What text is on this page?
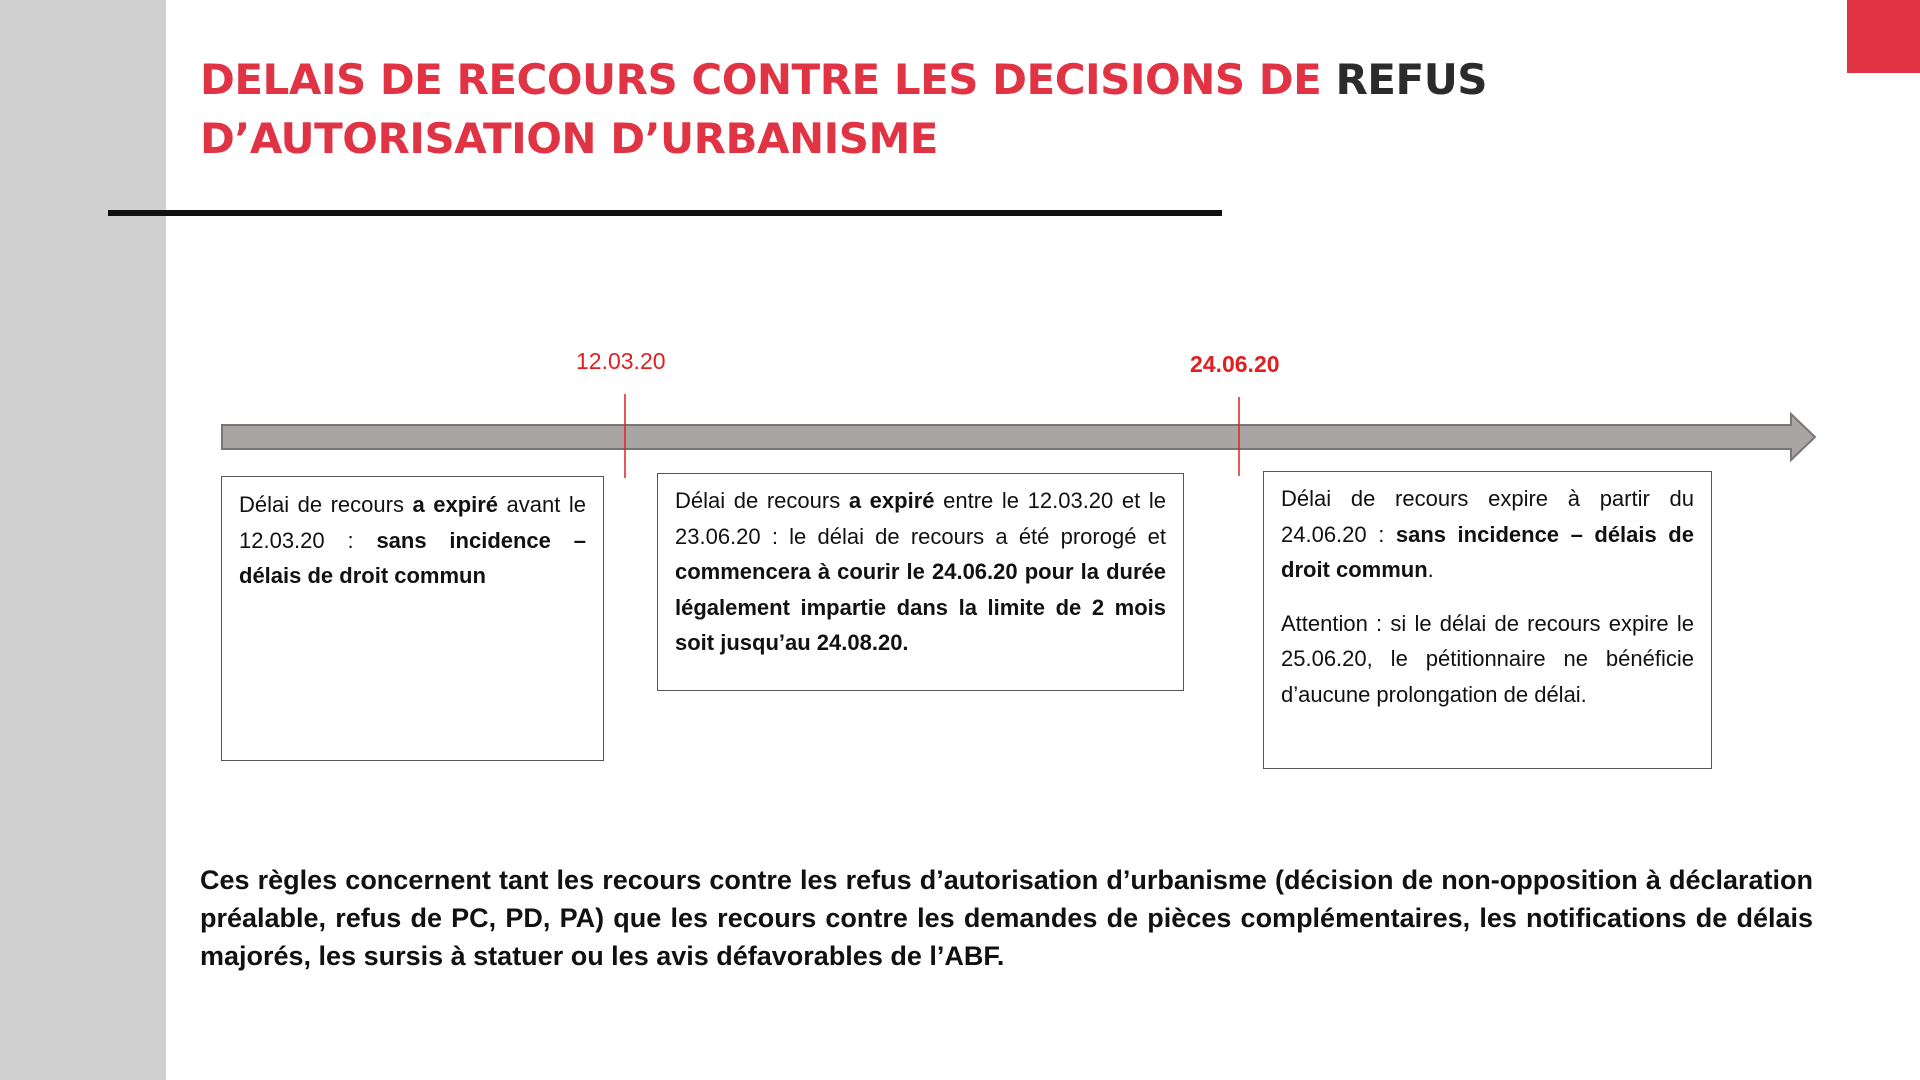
DELAIS DE RECOURS CONTRE LES DECISIONS DE REFUS D’AUTORISATION D’URBANISME
12.03.20	24.06.20

Délai de recours a expiré avant le 12.03.20 : sans incidence – délais de droit commun

Délai de recours a expiré entre le 12.03.20 et le 23.06.20 : le délai de recours a été prorogé et commencera à courir le 24.06.20 pour la durée légalement impartie dans la limite de 2 mois soit jusqu’au 24.08.20.

Délai de recours expire à partir du 24.06.20 : sans incidence – délais de droit commun.

Attention : si le délai de recours expire le 25.06.20, le pétitionnaire ne bénéficie d’aucune prolongation de délai.

Ces règles concernent tant les recours contre les refus d’autorisation d’urbanisme (décision de non-opposition à déclaration préalable, refus de PC, PD, PA) que les recours contre les demandes de pièces complémentaires, les notifications de délais majorés, les sursis à statuer ou les avis défavorables de l’ABF.
